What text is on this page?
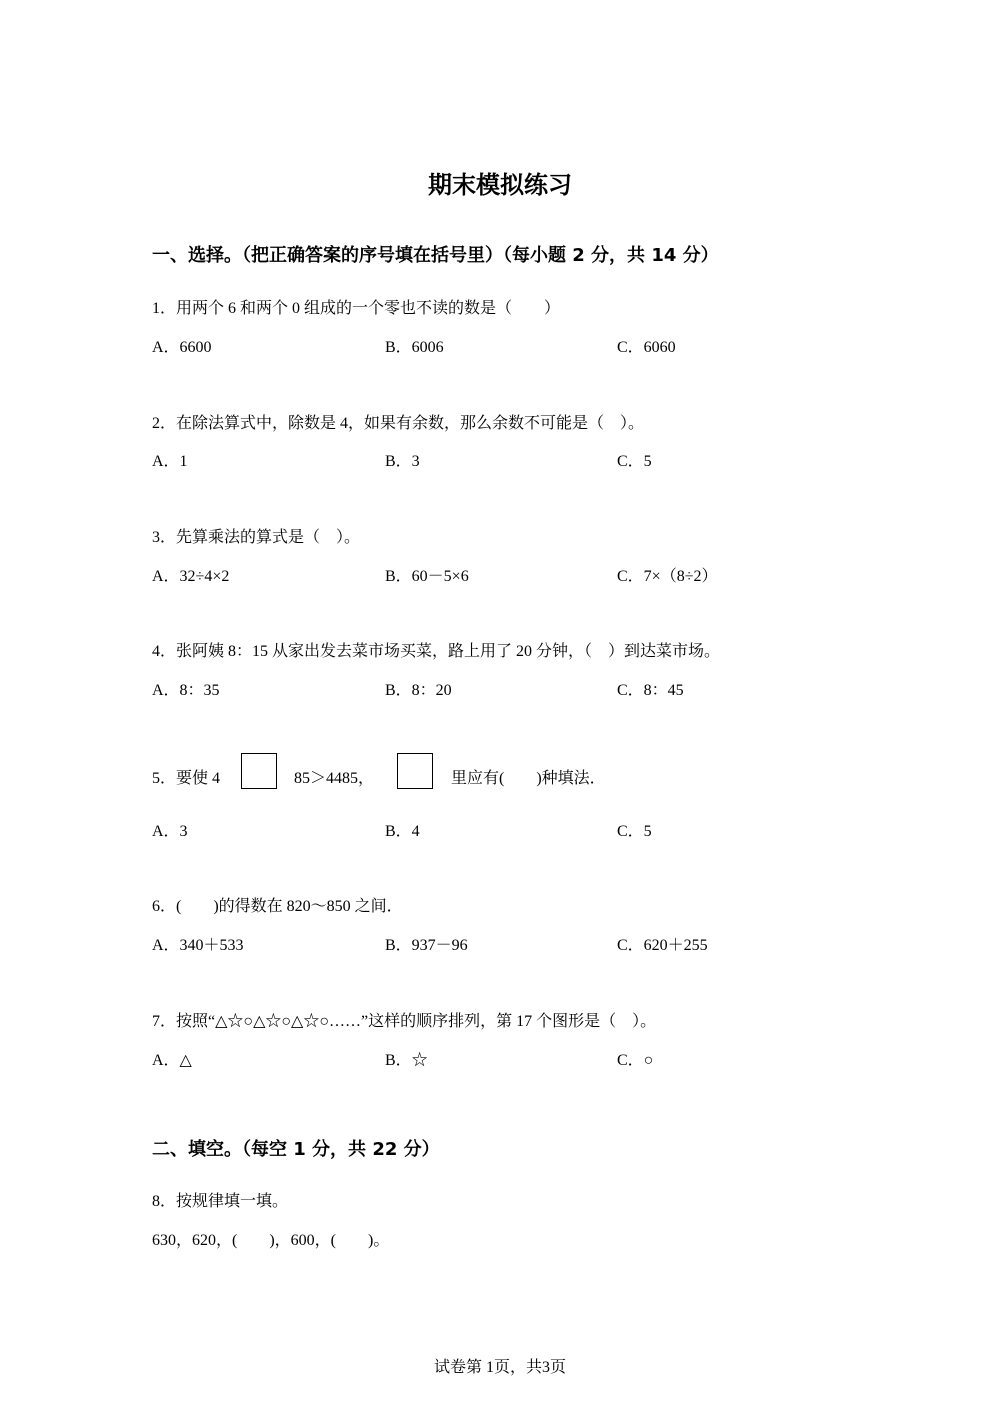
期末模拟练习
一、选择。（把正确答案的序号填在括号里）（每小题 2 分，共 14 分）
1．用两个 6 和两个 0 组成的一个零也不读的数是（　　）
A．6600	B．6006	C．6060
2．在除法算式中，除数是 4，如果有余数，那么余数不可能是（　）。
A．1	B．3	C．5
3．先算乘法的算式是（　）。
A．32÷4×2	B．60－5×6	C．7×（8÷2）
4．张阿姨 8：15 从家出发去菜市场买菜，路上用了 20 分钟，（　）到达菜市场。
A．8：35	B．8：20	C．8：45
5．要使 4	85＞4485，	里应有(　　)种填法．
A．3	B．4	C．5
6．(　　)的得数在 820～850 之间．
A．340＋533	B．937－96	C．620＋255
7．按照“△☆○△☆○△☆○……”这样的顺序排列，第 17 个图形是（　）。
A．△	B．☆	C．○
二、填空。（每空 1 分，共 22 分）
8．按规律填一填。
630，620，(　　)，600，(　　)。
试卷第 1页，共3页
